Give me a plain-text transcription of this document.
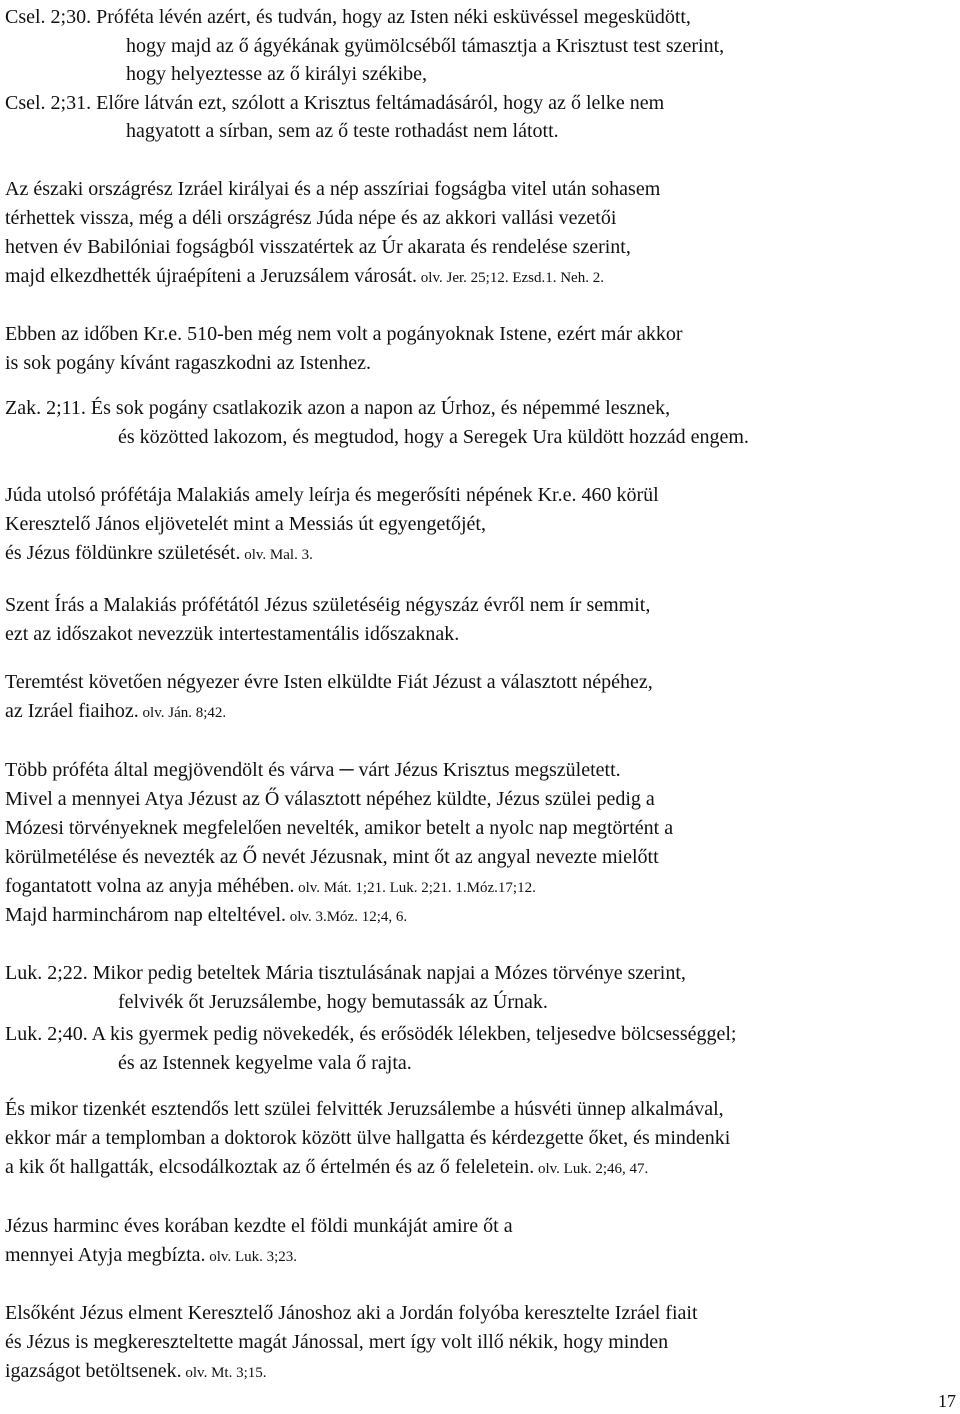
Csel. 2;30. Próféta lévén azért, és tudván, hogy az Isten néki esküvéssel megesküdött,
hogy majd az ő ágyékának gyümölcséből támasztja a Krisztust test szerint,
hogy helyeztesse az ő királyi székibe,
Csel. 2;31. Előre látván ezt, szólott a Krisztus feltámadásáról, hogy az ő lelke nem
hagyatott a sírban, sem az ő teste rothadást nem látott.
Az északi országrész Izráel királyai és a nép asszíriai fogságba vitel után sohasem
térhettek vissza, még a déli országrész Júda népe és az akkori vallási vezetői
hetven év Babilóniai fogságból visszatértek az Úr akarata és rendelése szerint,
majd elkezdhették újraépíteni a Jeruzsálem városát. olv. Jer. 25;12. Ezsd.1. Neh. 2.
Ebben az időben Kr.e. 510-ben még nem volt a pogányoknak Istene, ezért már akkor
is sok pogány kívánt ragaszkodni az Istenhez.
Zak. 2;11. És sok pogány csatlakozik azon a napon az Úrhoz, és népemmé lesznek,
és közötted lakozom, és megtudod, hogy a Seregek Ura küldött hozzád engem.
Júda utolsó prófétája Malakiás amely leírja és megerősíti népének Kr.e. 460 körül
Keresztelő János eljövetelét mint a Messiás út egyengetőjét,
és Jézus földünkre születését. olv. Mal. 3.
Szent Írás a Malakiás prófétától Jézus születéséig négyszáz évről nem ír semmit,
ezt az időszakot nevezzük intertestamentális időszaknak.
Teremtést követően négyezer évre Isten elküldte Fiát Jézust a választott népéhez,
az Izráel fiaihoz. olv. Ján. 8;42.
Több próféta által megjövendölt és várva ─ várt Jézus Krisztus megszületett.
Mivel a mennyei Atya Jézust az Ő választott népéhez küldte, Jézus szülei pedig a
Mózesi törvényeknek megfelelően nevelték, amikor betelt a nyolc nap megtörtént a
körülmetélése és nevezték az Ő nevét Jézusnak, mint őt az angyal nevezte mielőtt
fogantatott volna az anyja méhében. olv. Mát. 1;21. Luk. 2;21. 1.Móz.17;12.
Majd harminchárom nap elteltével. olv. 3.Móz. 12;4, 6.
Luk. 2;22. Mikor pedig beteltek Mária tisztulásának napjai a Mózes törvénye szerint,
felvivék őt Jeruzsálembe, hogy bemutassák az Úrnak.
Luk. 2;40. A kis gyermek pedig növekedék, és erősödék lélekben, teljesedve bölcsességgel;
és az Istennek kegyelme vala ő rajta.
És mikor tizenkét esztendős lett szülei felvitték Jeruzsálembe a húsvéti ünnep alkalmával,
ekkor már a templomban a doktorok között ülve hallgatta és kérdezgette őket, és mindenki
a kik őt hallgatták, elcsodálkoztak az ő értelmén és az ő feleletein. olv. Luk. 2;46, 47.
Jézus harminc éves korában kezdte el földi munkáját amire őt a
mennyei Atyja megbízta. olv. Luk. 3;23.
Elsőként Jézus elment Keresztelő Jánoshoz aki a Jordán folyóba keresztelte Izráel fiait
és Jézus is megkereszteltette magát Jánossal, mert így volt illő nékik, hogy minden
igazságot betöltsenek. olv. Mt. 3;15.
17
